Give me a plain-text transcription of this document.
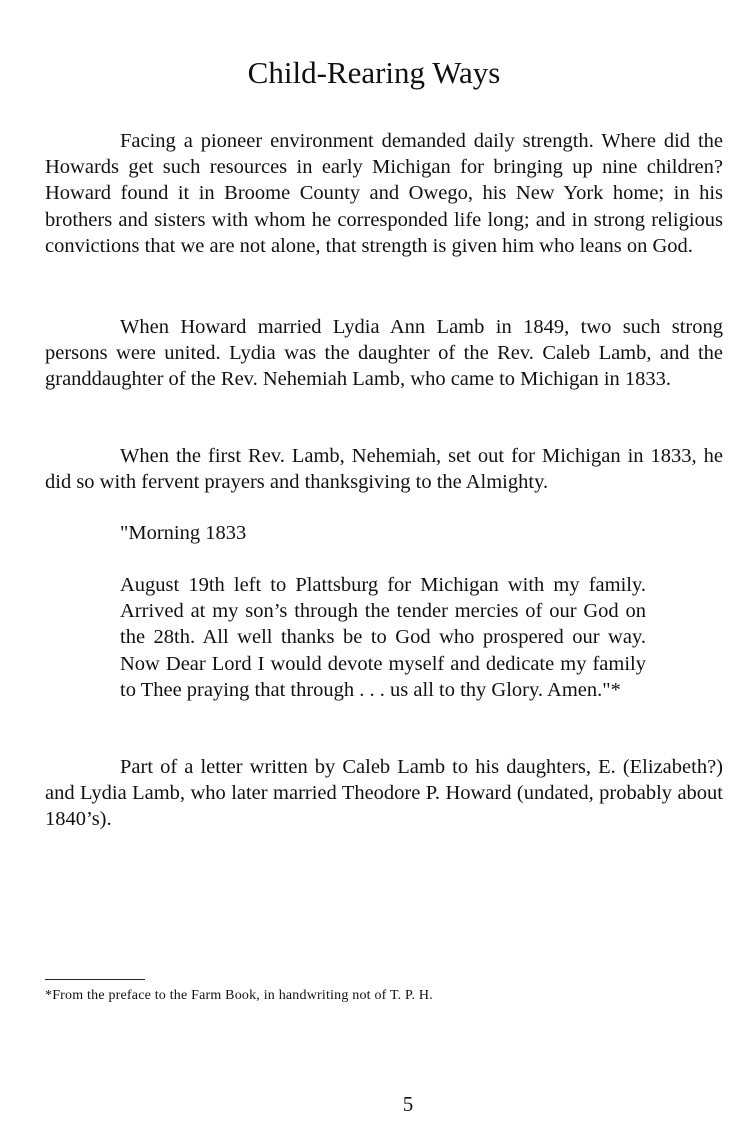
Child-Rearing Ways

Facing a pioneer environment demanded daily strength. Where did the Howards get such resources in early Michigan for bringing up nine children? Howard found it in Broome County and Owego, his New York home; in his brothers and sisters with whom he corresponded life long; and in strong religious convictions that we are not alone, that strength is given him who leans on God.

When Howard married Lydia Ann Lamb in 1849, two such strong persons were united. Lydia was the daughter of the Rev. Caleb Lamb, and the granddaughter of the Rev. Nehemiah Lamb, who came to Michigan in 1833.

When the first Rev. Lamb, Nehemiah, set out for Michigan in 1833, he did so with fervent prayers and thanksgiving to the Almighty.

"Morning 1833

August 19th left to Plattsburg for Michigan with my family. Arrived at my son’s through the tender mercies of our God on the 28th. All well thanks be to God who prospered our way. Now Dear Lord I would devote myself and dedicate my family to Thee praying that through . . . us all to thy Glory. Amen."*

Part of a letter written by Caleb Lamb to his daughters, E. (Elizabeth?) and Lydia Lamb, who later married Theodore P. Howard (undated, probably about 1840’s).

*From the preface to the Farm Book, in handwriting not of T. P. H.
5
